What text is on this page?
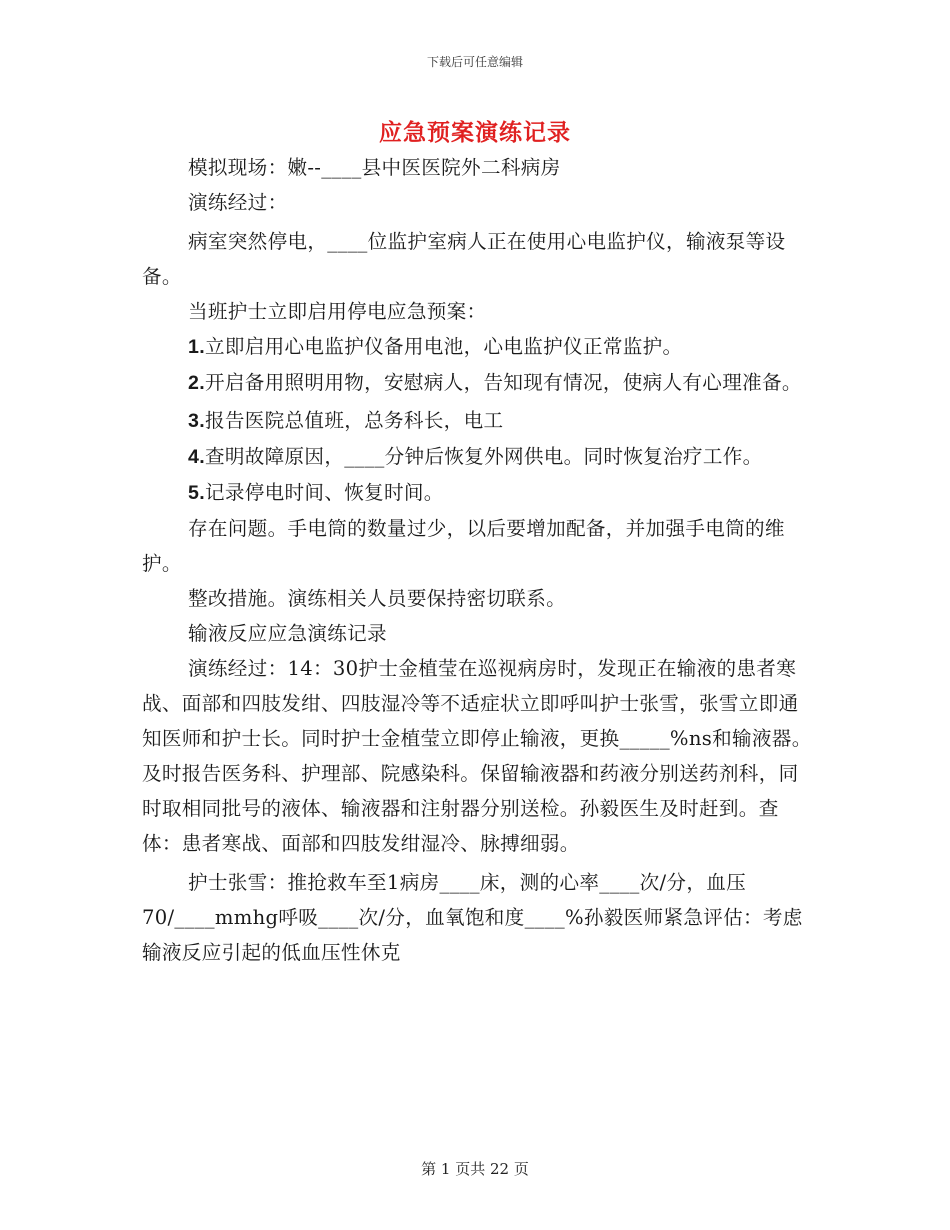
下载后可任意编辑
应急预案演练记录

模拟现场：嫩--____县中医医院外二科病房

演练经过：

病室突然停电，____位监护室病人正在使用心电监护仪，输液泵等设备。

当班护士立即启用停电应急预案：

1.立即启用心电监护仪备用电池，心电监护仪正常监护。

2.开启备用照明用物，安慰病人，告知现有情况，使病人有心理准备。

3.报告医院总值班，总务科长，电工

4.查明故障原因，____分钟后恢复外网供电。同时恢复治疗工作。

5.记录停电时间、恢复时间。

存在问题。手电筒的数量过少，以后要增加配备，并加强手电筒的维护。

整改措施。演练相关人员要保持密切联系。

输液反应应急演练记录

演练经过：14：30护士金植莹在巡视病房时，发现正在输液的患者寒战、面部和四肢发绀、四肢湿冷等不适症状立即呼叫护士张雪，张雪立即通知医师和护士长。同时护士金植莹立即停止输液，更换_____%ns和输液器。及时报告医务科、护理部、院感染科。保留输液器和药液分别送药剂科，同时取相同批号的液体、输液器和注射器分别送检。孙毅医生及时赶到。查体：患者寒战、面部和四肢发绀湿冷、脉搏细弱。

护士张雪：推抢救车至1病房____床，测的心率____次/分，血压70/____mmhg呼吸____次/分，血氧饱和度____%孙毅医师紧急评估：考虑输液反应引起的低血压性休克

第 1 页共 22 页
